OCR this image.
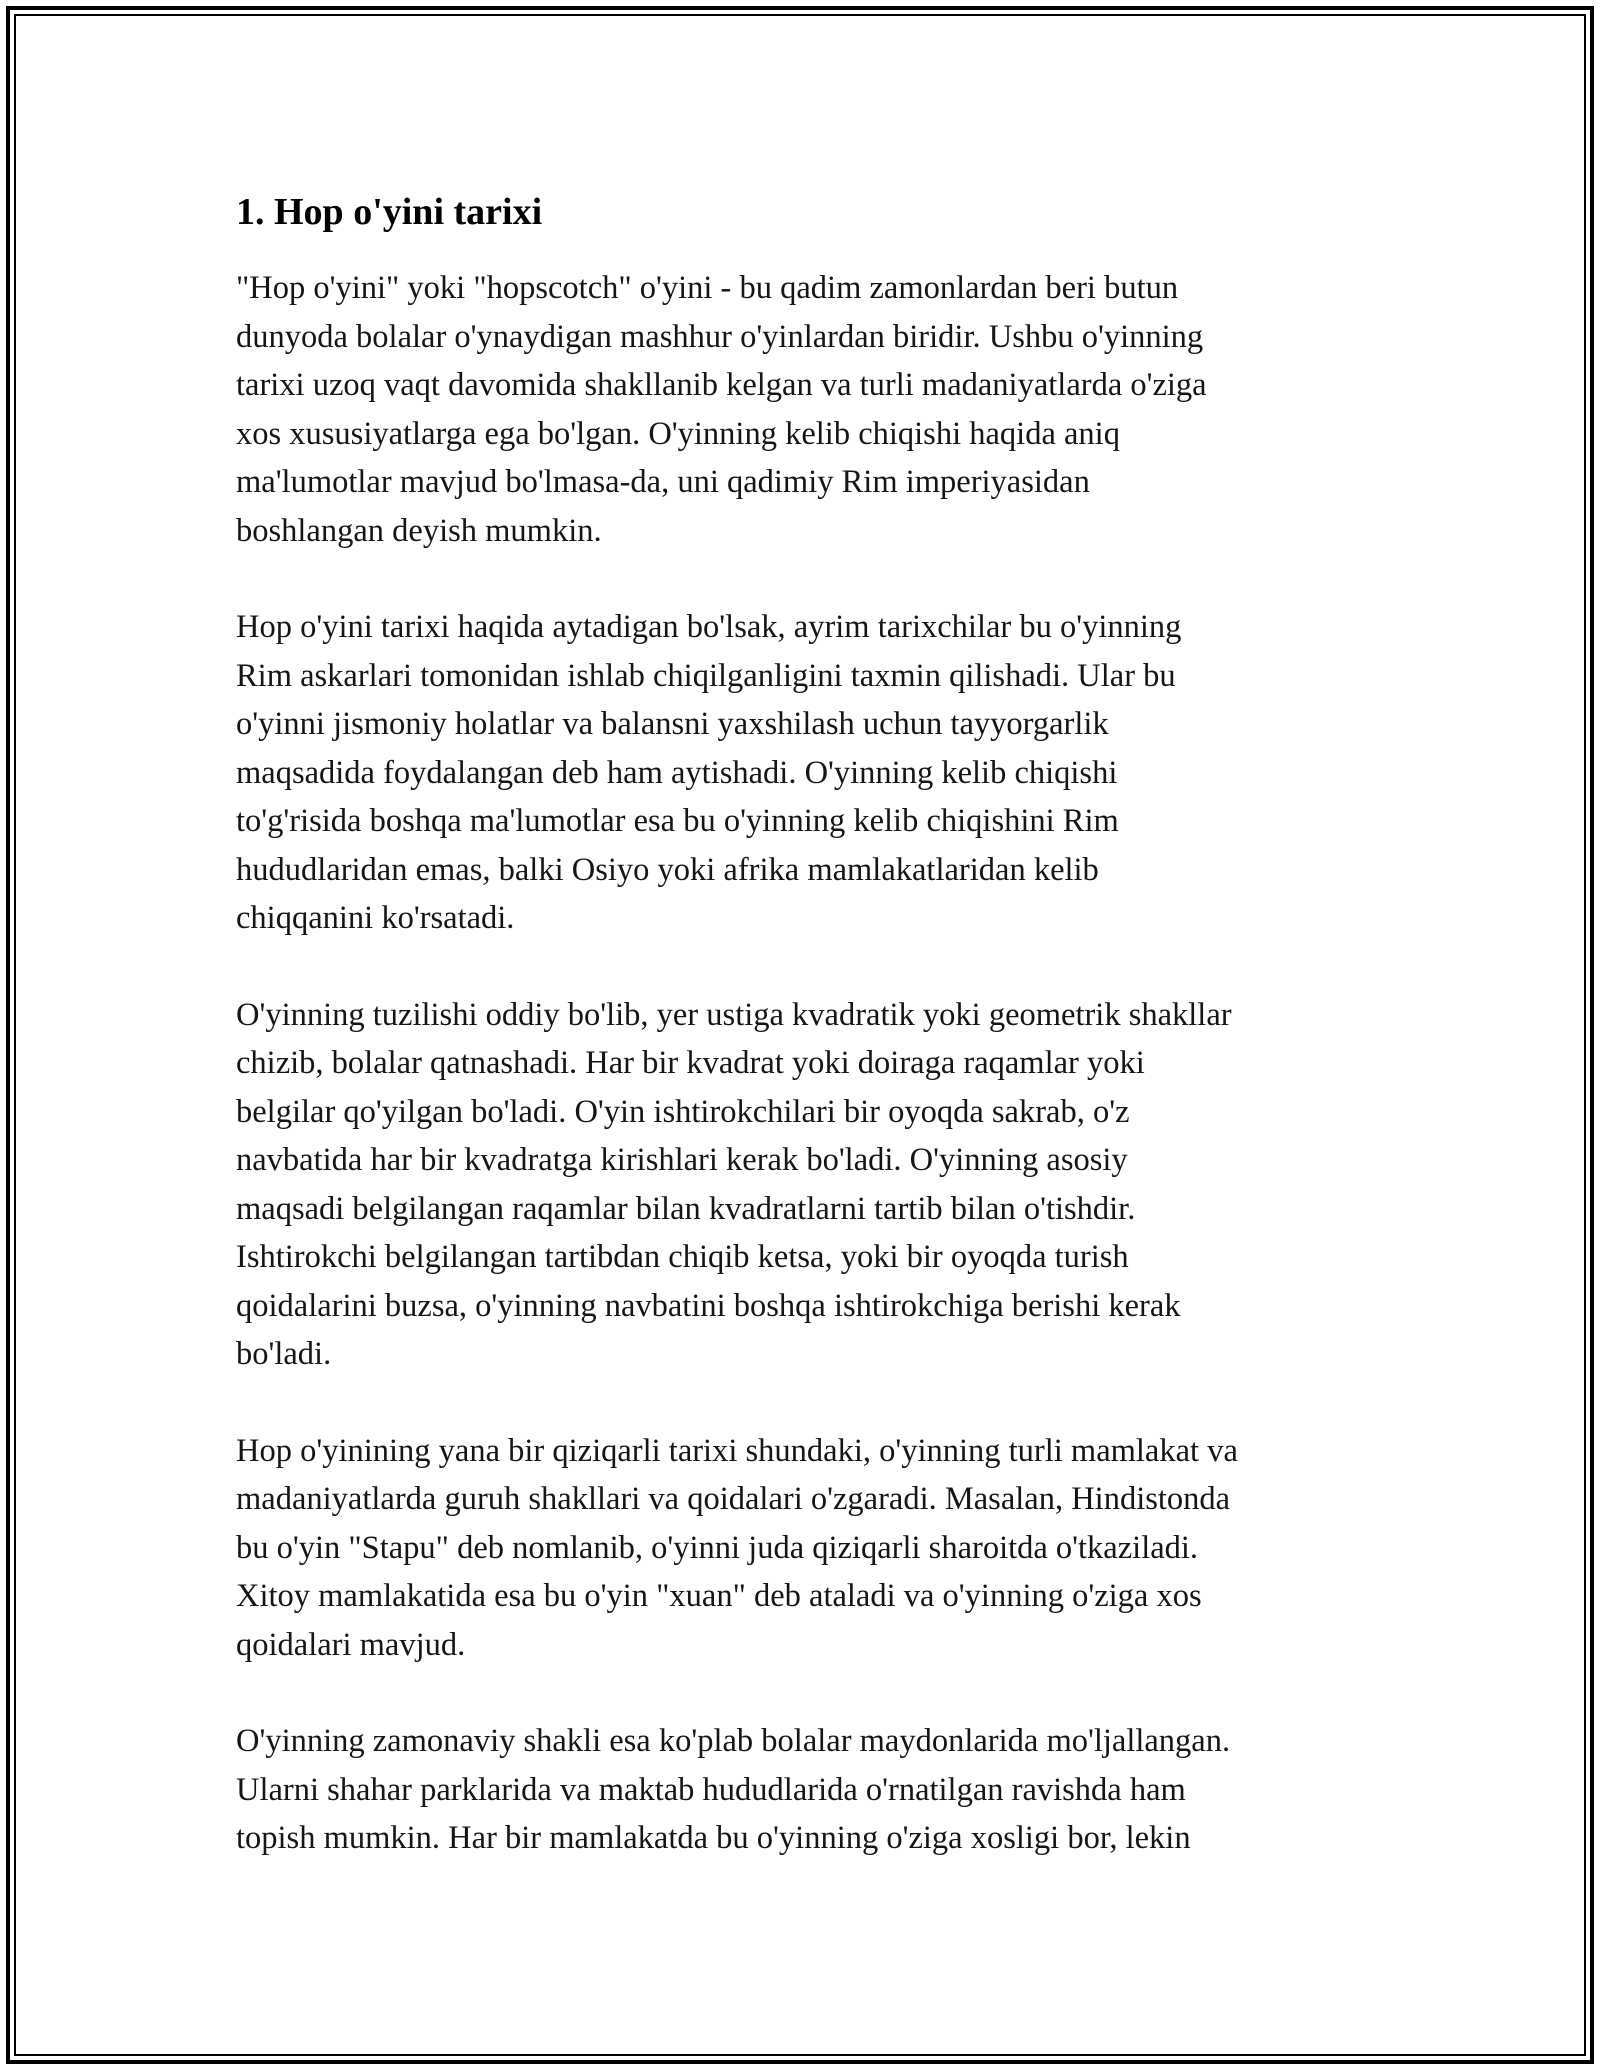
1. Hop o'yini tarixi

"Hop o'yini" yoki "hopscotch" o'yini - bu qadim zamonlardan beri butun
dunyoda bolalar o'ynaydigan mashhur o'yinlardan biridir. Ushbu o'yinning
tarixi uzoq vaqt davomida shakllanib kelgan va turli madaniyatlarda o'ziga
xos xususiyatlarga ega bo'lgan. O'yinning kelib chiqishi haqida aniq
ma'lumotlar mavjud bo'lmasa-da, uni qadimiy Rim imperiyasidan
boshlangan deyish mumkin.

Hop o'yini tarixi haqida aytadigan bo'lsak, ayrim tarixchilar bu o'yinning
Rim askarlari tomonidan ishlab chiqilganligini taxmin qilishadi. Ular bu
o'yinni jismoniy holatlar va balansni yaxshilash uchun tayyorgarlik
maqsadida foydalangan deb ham aytishadi. O'yinning kelib chiqishi
to'g'risida boshqa ma'lumotlar esa bu o'yinning kelib chiqishini Rim
hududlaridan emas, balki Osiyo yoki afrika mamlakatlaridan kelib
chiqqanini ko'rsatadi.

O'yinning tuzilishi oddiy bo'lib, yer ustiga kvadratik yoki geometrik shakllar
chizib, bolalar qatnashadi. Har bir kvadrat yoki doiraga raqamlar yoki
belgilar qo'yilgan bo'ladi. O'yin ishtirokchilari bir oyoqda sakrab, o'z
navbatida har bir kvadratga kirishlari kerak bo'ladi. O'yinning asosiy
maqsadi belgilangan raqamlar bilan kvadratlarni tartib bilan o'tishdir.
Ishtirokchi belgilangan tartibdan chiqib ketsa, yoki bir oyoqda turish
qoidalarini buzsa, o'yinning navbatini boshqa ishtirokchiga berishi kerak
bo'ladi.

Hop o'yinining yana bir qiziqarli tarixi shundaki, o'yinning turli mamlakat va
madaniyatlarda guruh shakllari va qoidalari o'zgaradi. Masalan, Hindistonda
bu o'yin "Stapu" deb nomlanib, o'yinni juda qiziqarli sharoitda o'tkaziladi.
Xitoy mamlakatida esa bu o'yin "xuan" deb ataladi va o'yinning o'ziga xos
qoidalari mavjud.

O'yinning zamonaviy shakli esa ko'plab bolalar maydonlarida mo'ljallangan.
Ularni shahar parklarida va maktab hududlarida o'rnatilgan ravishda ham
topish mumkin. Har bir mamlakatda bu o'yinning o'ziga xosligi bor, lekin
